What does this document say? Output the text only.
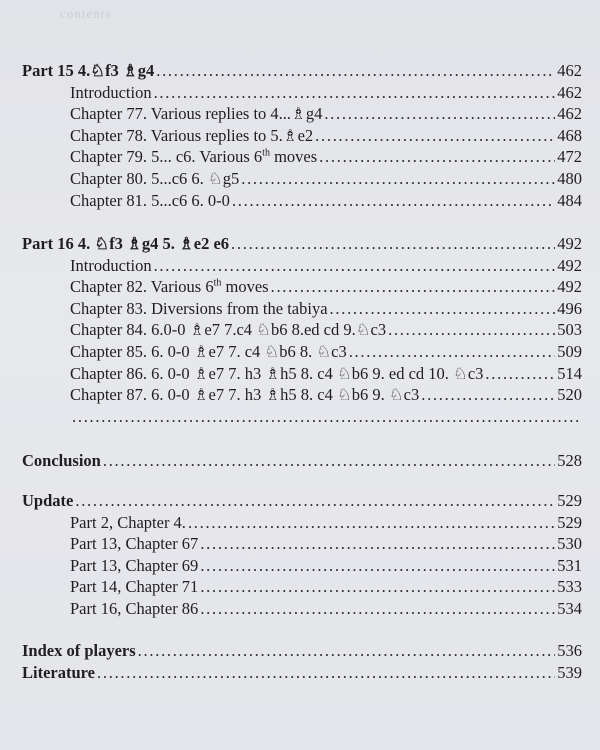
contents
Part 15 4.♘f3 ♗g4 . . .	462
Introduction . . .	462
Chapter 77. Various replies to 4...♗g4 . . .	462
Chapter 78. Various replies to 5.♗e2 . . .	468
Chapter 79. 5... c6. Various 6th moves . . .	472
Chapter 80. 5...c6 6. ♘g5 . . .	480
Chapter 81. 5...c6 6. 0-0 . . .	484
Part 16 4. ♘f3 ♗g4 5. ♗e2 e6 . . .	492
Introduction . . .	492
Chapter 82. Various 6th moves . . .	492
Chapter 83. Diversions from the tabiya . . .	496
Chapter 84. 6.0-0 ♗e7 7.c4 ♘b6 8.ed cd 9.♘c3 . . .	503
Chapter 85. 6. 0-0 ♗e7 7. c4 ♘b6 8. ♘c3 . . .	509
Chapter 86. 6. 0-0 ♗e7 7. h3 ♗h5 8. c4 ♘b6 9. ed cd 10. ♘c3 . . .	514
Chapter 87. 6. 0-0 ♗e7 7. h3 ♗h5 8. c4 ♘b6 9. ♘c3 . . .	520
. . .
Conclusion . . .	528
Update . . .	529
Part 2, Chapter 4. . . .	529
Part 13, Chapter 67 . . .	530
Part 13, Chapter 69 . . .	531
Part 14, Chapter 71 . . .	533
Part 16, Chapter 86 . . .	534
Index of players . . .	536
Literature . . .	539
